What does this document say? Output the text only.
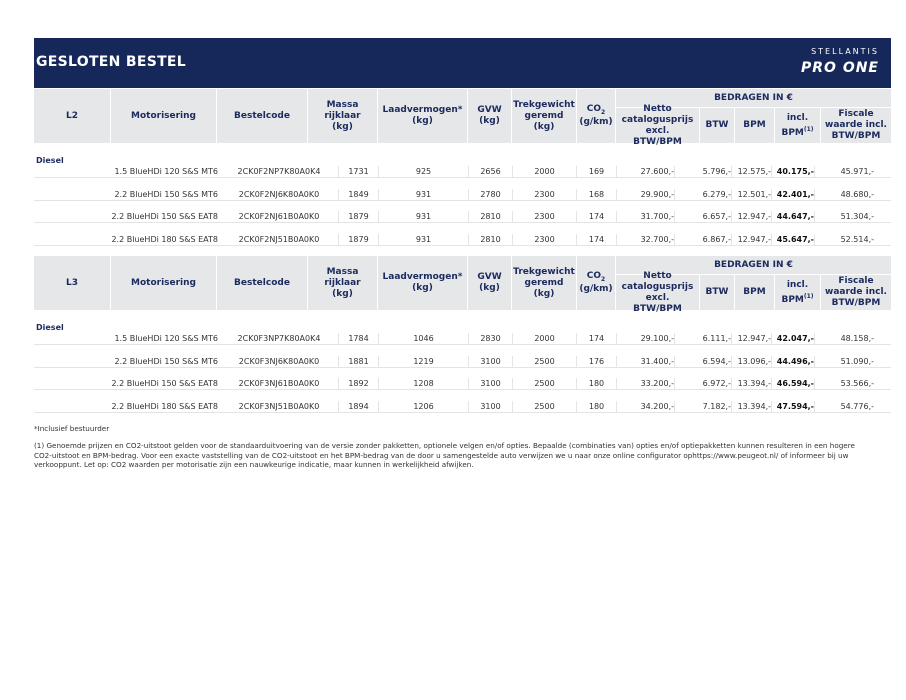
GESLOTEN BESTEL
STELLANTIS
PRO ONE
L2	Motorisering	Bestelcode
Massa rijklaar (kg)
Laadvermogen* (kg)
GVW (kg)
Trekgewicht geremd (kg)
$CO_2$
(g/km)
BEDRAGEN IN €
Netto catalogusprijs excl. BTW/BPM
BTW	BPM
incl. BPM$^{(1)}$
Fiscale waarde incl. BTW/BPM
Diesel
1.5 BlueHDi 120 S&S MT6	2CK0F2NP7K80A0K4	1731	925	2656	2000	169	27.600,-	5.796,- 12.575,- 40.175,-	45.971,-
2.2 BlueHDi 150 S&S MT6	2CK0F2NJ6K80A0K0	1849	931	2780	2300	168	29.900,-	6.279,- 12.501,- 42.401,-	48.680,-
2.2 BlueHDi 150 S&S EAT8	2CK0F2NJ61B0A0K0	1879	931	2810	2300	174	31.700,-	6.657,- 12.947,- 44.647,-	51.304,-
2.2 BlueHDi 180 S&S EAT8	2CK0F2NJ51B0A0K0	1879	931	2810	2300	174	32.700,-	6.867,- 12.947,- 45.647,-	52.514,-
L3	Motorisering	Bestelcode
Massa rijklaar (kg)
Laadvermogen* (kg)
GVW (kg)
Trekgewicht geremd (kg)
$CO_2$
(g/km)
BEDRAGEN IN €
Netto catalogusprijs excl. BTW/BPM
BTW	BPM
incl. BPM$^{(1)}$
Fiscale waarde incl. BTW/BPM
Diesel
1.5 BlueHDi 120 S&S MT6	2CK0F3NP7K80A0K4	1784	1046	2830	2000	174	29.100,-	6.111,- 12.947,- 42.047,-	48.158,-
2.2 BlueHDi 150 S&S MT6	2CK0F3NJ6K80A0K0	1881	1219	3100	2500	176	31.400,-	6.594,- 13.096,- 44.496,-	51.090,-
2.2 BlueHDi 150 S&S EAT8	2CK0F3NJ61B0A0K0	1892	1208	3100	2500	180	33.200,-	6.972,- 13.394,- 46.594,-	53.566,-
2.2 BlueHDi 180 S&S EAT8	2CK0F3NJ51B0A0K0	1894	1206	3100	2500	180	34.200,-	7.182,- 13.394,- 47.594,-	54.776,-
*Inclusief bestuurder
(1) Genoemde prijzen en CO2-uitstoot gelden voor de standaarduitvoering van de versie zonder pakketten, optionele velgen en/of opties. Bepaalde (combinaties van) opties en/of optiepakketten kunnen resulteren in een hogere
CO2-uitstoot en BPM-bedrag. Voor een exacte vaststelling van de CO2-uitstoot en het BPM-bedrag van de door u samengestelde auto verwijzen we u naar onze online configurator ophttps://www.peugeot.nl/ of informeer bij uw
verkooppunt. Let op: CO2 waarden per motorisatie zijn een nauwkeurige indicatie, maar kunnen in werkelijkheid afwijken.
